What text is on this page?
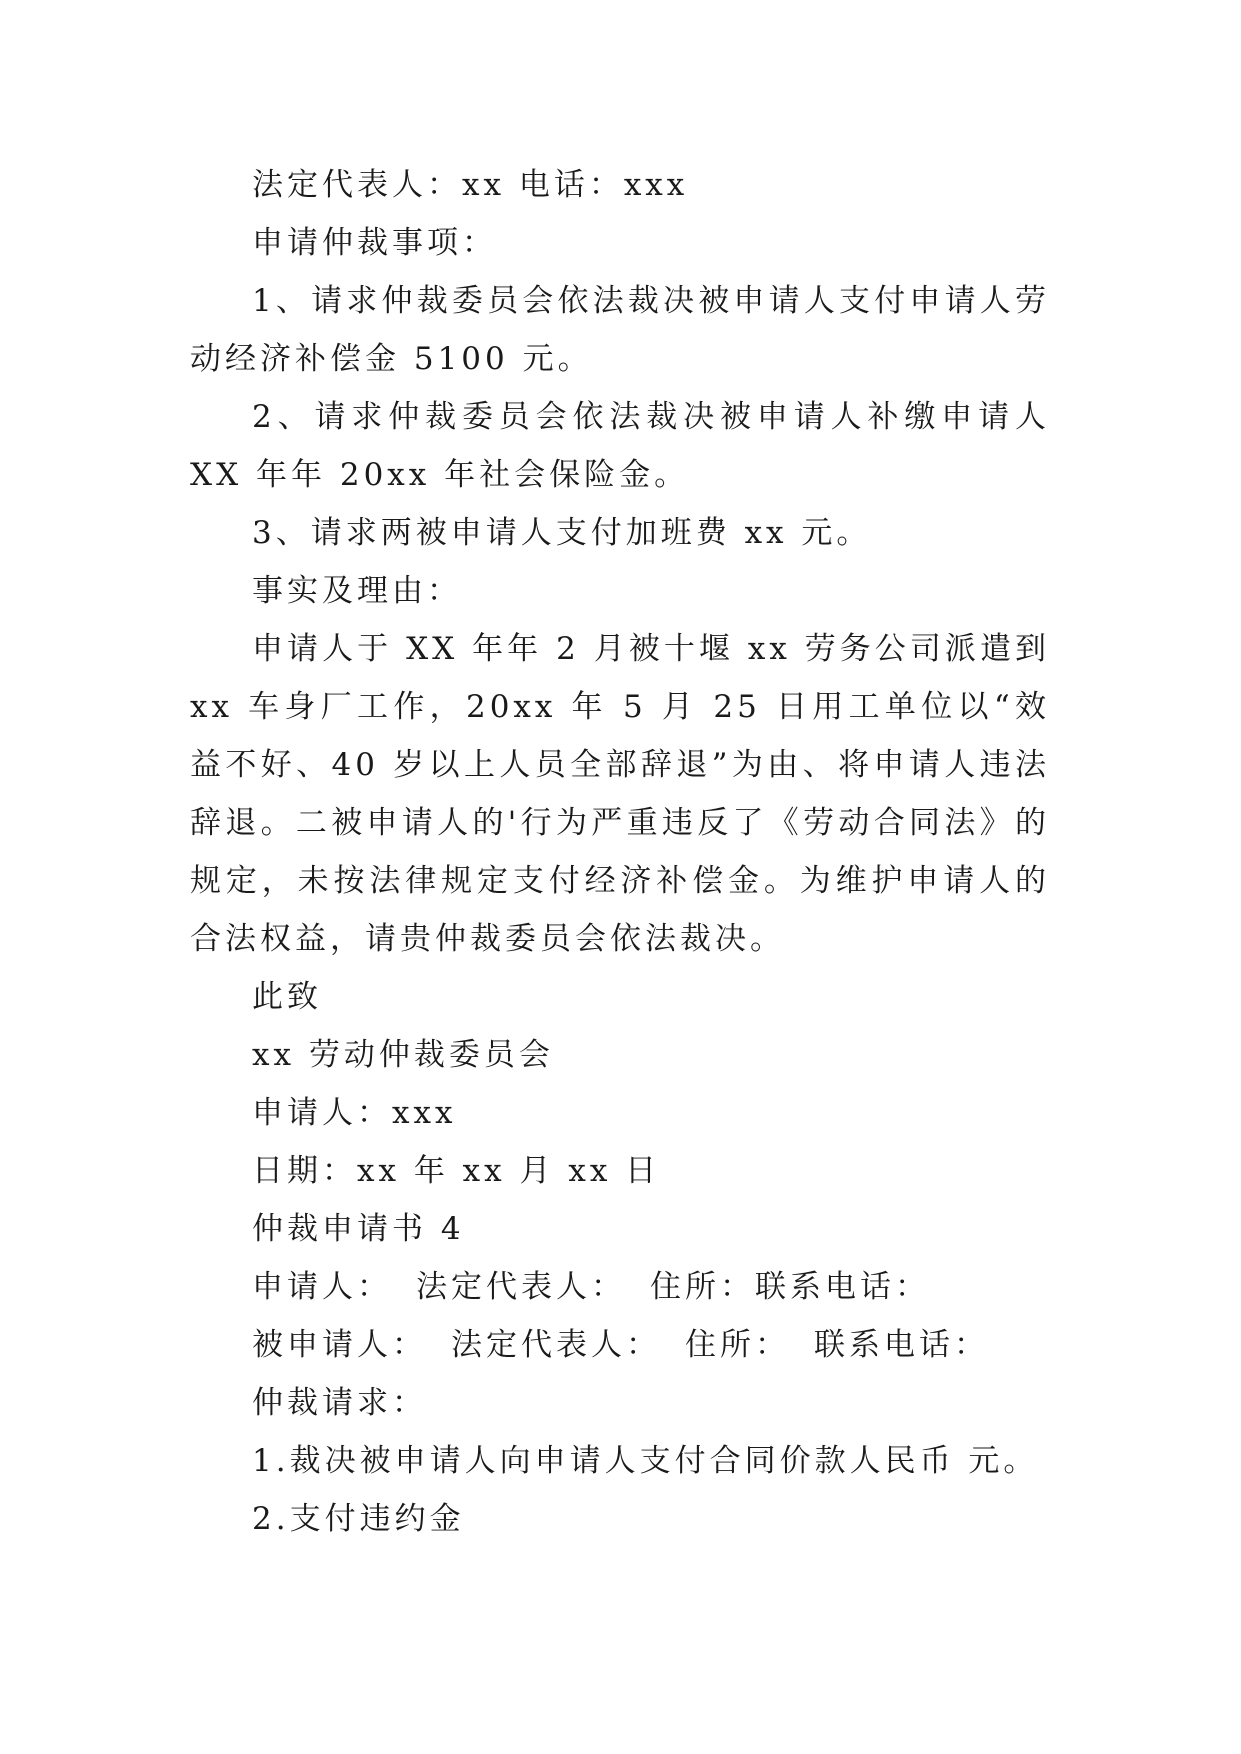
法定代表人：xx 电话：xxx

申请仲裁事项：

1、请求仲裁委员会依法裁决被申请人支付申请人劳动经济补偿金 5100 元。

2、请求仲裁委员会依法裁决被申请人补缴申请人 XX 年年 20xx 年社会保险金。

3、请求两被申请人支付加班费 xx 元。

事实及理由：

申请人于 XX 年年 2 月被十堰 xx 劳务公司派遣到 xx 车身厂工作，20xx 年 5 月 25 日用工单位以“效益不好、40 岁以上人员全部辞退”为由、将申请人违法辞退。二被申请人的'行为严重违反了《劳动合同法》的规定，未按法律规定支付经济补偿金。为维护申请人的合法权益，请贵仲裁委员会依法裁决。

此致

xx 劳动仲裁委员会

申请人：xxx

日期：xx 年 xx 月 xx 日

仲裁申请书 4

申请人： 法定代表人： 住所：联系电话：

被申请人： 法定代表人： 住所： 联系电话：

仲裁请求：

1.裁决被申请人向申请人支付合同价款人民币 元。

2.支付违约金
